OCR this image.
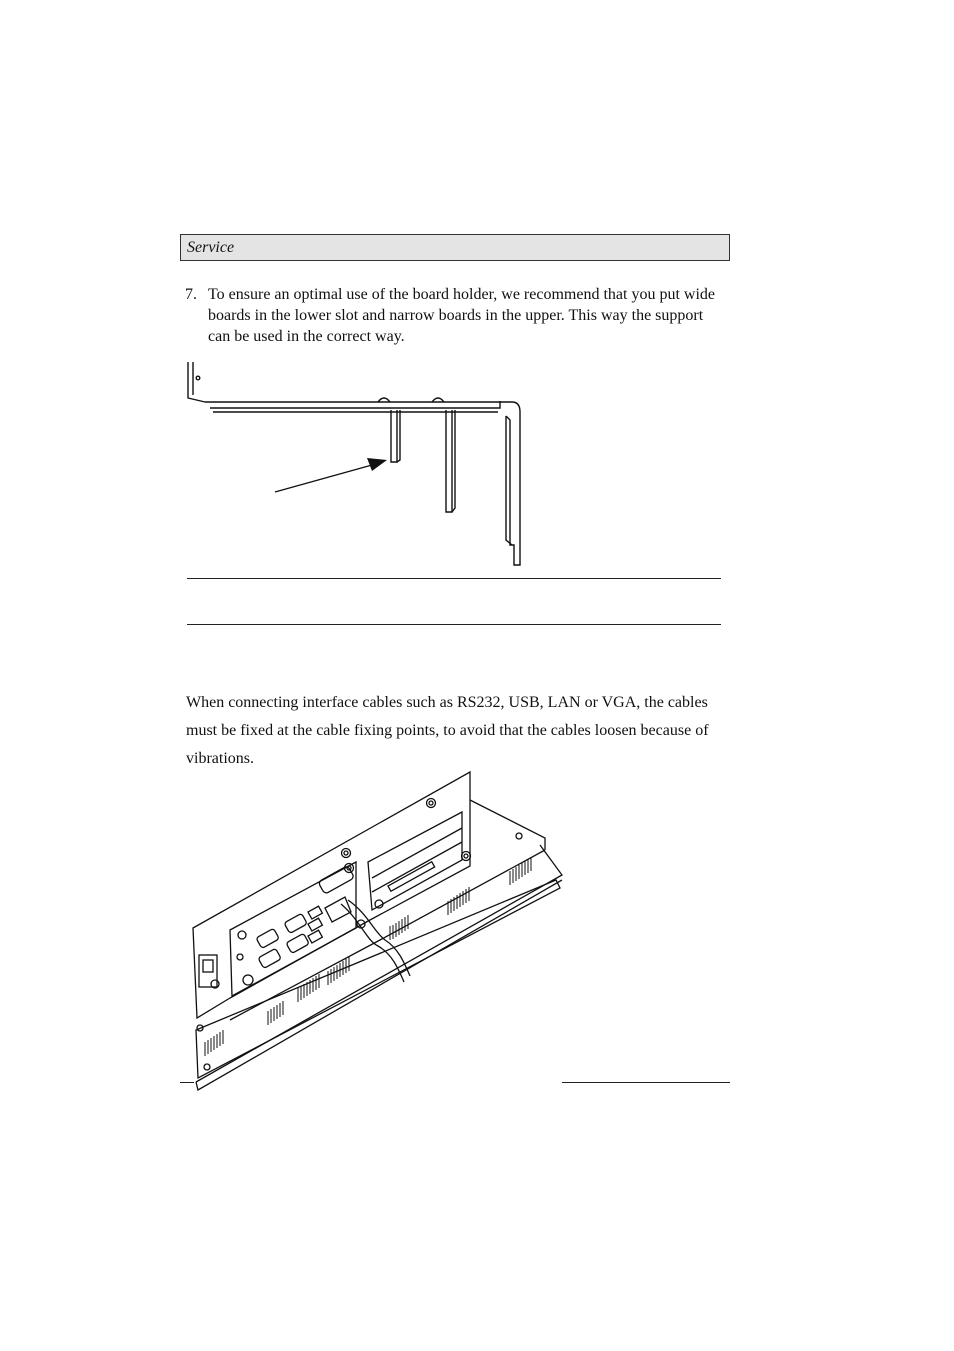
Service
7. To ensure an optimal use of the board holder, we recommend that you put wide boards in the lower slot and narrow boards in the upper. This way the support can be used in the correct way.
When connecting interface cables such as RS232, USB, LAN or VGA, the cables must be fixed at the cable fixing points, to avoid that the cables loosen because of vibrations.
